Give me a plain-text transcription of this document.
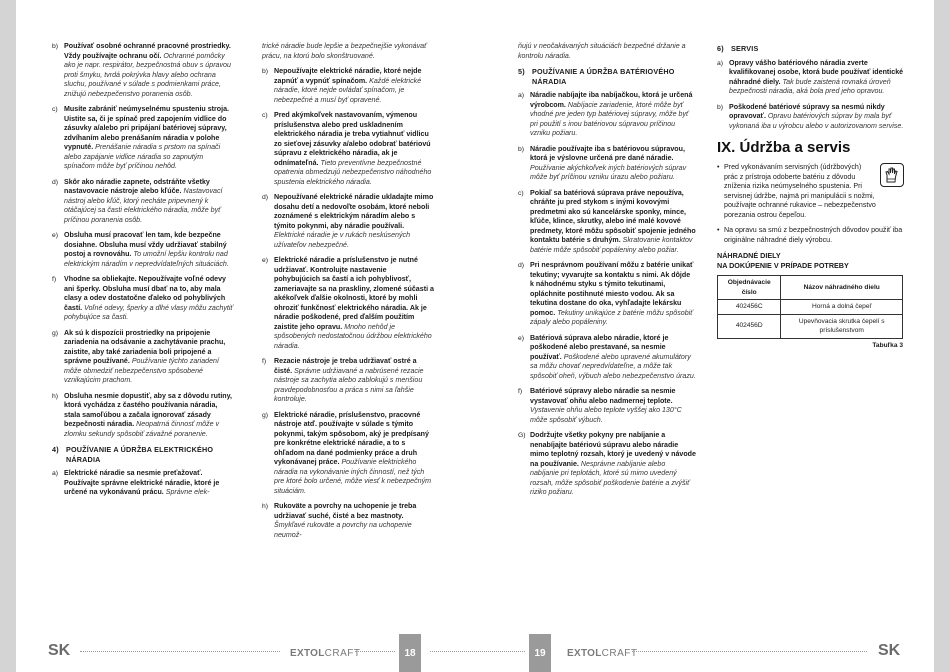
b) Používať osobné ochranné pracovné prostriedky. Vždy používajte ochranu očí. Ochranné pomôcky ako je napr. respirátor, bezpečnostná obuv s úpravou proti šmyku, tvrdá pokrývka hlavy alebo ochrana sluchu, používané v súlade s podmienkami práce, znižujú nebezpečenstvo poranenia osôb.
c) Musíte zabrániť neúmyselnému spusteniu stroja. Uistite sa, či je spínač pred zapojením vidlice do zásuvky a/alebo pri pripájaní batériovej súpravy, zdvíhaním alebo prenášaním náradia v polohe vypnuté. Prenášanie náradia s prstom na spínači alebo zapájanie vidlice náradia so zapnutým spínačom môže byť príčinou nehôd.
d) Skôr ako náradie zapnete, odstráňte všetky nastavovacie nástroje alebo kľúče. Nastavovací nástroj alebo kľúč, ktorý necháte pripevnený k otáčajúcej sa časti elektrického náradia, môže byť príčinou poranenia osôb.
e) Obsluha musí pracovať len tam, kde bezpečne dosiahne. Obsluha musí vždy udržiavať stabilný postoj a rovnováhu. To umožní lepšiu kontrolu nad elektrickým náradím v nepredvídateľných situáciách.
f)	Vhodne sa obliekajte. Nepoužívajte voľné odevy ani šperky. Obsluha musí dbať na to, aby mala clasy a odev dostatočne ďaleko od pohyblivých častí. Voľné odevy, šperky a dlhé vlasy môžu zachytiť pohybujúce sa časti.
g) Ak sú k dispozícii prostriedky na pripojenie zariadenia na odsávanie a zachytávanie prachu, zaistite, aby také zariadenia boli pripojené a správne používané. Používanie týchto zariadení môže obmedziť nebezpečenstvo spôsobené vznikajúcim prachom.
h) Obsluha nesmie dopustiť, aby sa z dôvodu rutiny, ktorá vychádza z častého používania náradia, stala samoľúbou a začala ignorovať zásady bezpečnosti náradia. Neopatrná činnosť môže v zlomku sekundy spôsobiť závažné poranenie.
4)	POUŽÍVANIE A ÚDRŽBA ELEKTRICKÉHO NÁRADIA
a) Elektrické náradie sa nesmie preťažovať. Používajte správne elektrické náradie, ktoré je určené na vykonávanú prácu. Správne elek-
trické náradie bude lepšie a bezpečnejšie vykonávať prácu, na ktorú bolo skonštruované.
b) Nepoužívajte elektrické náradie, ktoré nejde zapnúť a vypnúť spínačom. Každé elektrické náradie, ktoré nejde ovládať spínačom, je nebezpečné a musí byť opravené.
c) Pred akýmkoľvek nastavovaním, výmenou príslušenstva alebo pred uskladnením elektrického náradia je treba vytiahnuť vidlicu zo sieťovej zásuvky a/alebo odobrať batériovú súpravu z elektrického náradia, ak je odnímateľná. Tieto preventívne bezpečnostné opatrenia obmedzujú nebezpečenstvo náhodného spustenia elektrického náradia.
d) Nepoužívané elektrické náradie ukladajte mimo dosahu detí a nedovoľte osobám, ktoré neboli zoznámené s elektrickým náradím alebo s týmito pokynmi, aby náradie používali. Elektrické náradie je v rukách neskúsených užívateľov nebezpečné.
e) Elektrické náradie a príslušenstvo je nutné udržiavať. Kontrolujte nastavenie pohybujúcich sa častí a ich pohyblivosť, zameriavajte sa na praskliny, zlomené súčasti a akékoľvek ďalšie okolnosti, ktoré by mohli ohroziť funkčnosť elektrického náradia. Ak je náradie poškodené, pred ďalším použitím zaistite jeho opravu. Mnoho nehôd je spôsobených nedostatočnou údržbou elektrického náradia.
f)	Rezacie nástroje je treba udržiavať ostré a čisté. Správne udržiavané a nabrúsené rezacie nástroje sa zachytia alebo zablokujú s menšiou pravdepodobnosťou a práca s nimi sa ľahšie kontroluje.
g) Elektrické náradie, príslušenstvo, pracovné nástroje atď. používajte v súlade s týmito pokynmi, takým spôsobom, aký je predpísaný pre konkrétne elektrické náradie, a to s ohľadom na dané podmienky práce a druh vykonávanej práce. Používanie elektrického náradia na vykonávanie iných činností, než tých pre ktoré bolo určené, môže viesť k nebezpečným situáciám.
h) Rukoväte a povrchy na uchopenie je treba udržiavať suché, čisté a bez mastnoty. Šmykľavé rukoväte a povrchy na uchopenie neumož-
ňujú v neočakávaných situáciách bezpečné držanie a kontrolu náradia.
5)	POUŽÍVANIE A ÚDRŽBA BATÉRIOVÉHO NÁRADIA
a) Náradie nabíjajte iba nabíjačkou, ktorá je určená výrobcom. Nabíjacie zariadenie, ktoré môže byť vhodné pre jeden typ batériovej súpravy, môže byť pri použití s inou batériovou súpravou príčinou vzniku požiaru.
b) Náradie používajte iba s batériovou súpravou, ktorá je výslovne určená pre dané náradie. Používanie akýchkoľvek iných batériových súprav môže byť príčinou vzniku úrazu alebo požiaru.
c) Pokiaľ sa batériová súprava práve nepoužíva, chráňte ju pred stykom s inými kovovými predmetmi ako sú kancelárske sponky, mince, kľúče, klince, skrutky, alebo iné malé kovové predmety, ktoré môžu spôsobiť spojenie jedného kontaktu batérie s druhým. Skratovanie kontaktov batérie môže spôsobiť popáleniny alebo požiar.
d) Pri nesprávnom používaní môžu z batérie unikať tekutiny; vyvarujte sa kontaktu s nimi. Ak dôjde k náhodnému styku s týmito tekutinami, opláchnite postihnuté miesto vodou. Ak sa tekutina dostane do oka, vyhľadajte lekársku pomoc. Tekutiny unikajúce z batérie môžu spôsobiť zápaly alebo popáleniny.
e) Batériová súprava alebo náradie, ktoré je poškodené alebo prestavané, sa nesmie používať. Poškodené alebo upravené akumulátory sa môžu chovať nepredvídateľne, a môže tak spôsobiť oheň, výbuch alebo nebezpečenstvo úrazu.
f)	Batériové súpravy alebo náradie sa nesmie vystavovať ohňu alebo nadmernej teplote. Vystavenie ohňu alebo teplote vyššej ako 130°C môže spôsobiť výbuch.
G) Dodržujte všetky pokyny pre nabíjanie a nenabíjajte batériovú súpravu alebo náradie mimo teplotný rozsah, ktorý je uvedený v návode na používanie. Nesprávne nabíjanie alebo nabíjanie pri teplotách, ktoré sú mimo uvedený rozsah, môže spôsobiť poškodenie batérie a zvýšiť riziko požiaru.
6)	SERVIS
a) Opravy vášho batériového náradia zverte kvalifikovanej osobe, ktorá bude používať identické náhradné diely. Tak bude zaistená rovnaká úroveň bezpečnosti náradia, aká bola pred jeho opravou.
b) Poškodené batériové súpravy sa nesmú nikdy opravovať. Opravu batériových súprav by mala byť vykonaná iba u výrobcu alebo v autorizovanom servise.
IX. Údržba a servis
• Pred vykonávaním servisných (údržbových) prác z prístroja odoberte batériu z dôvodu zníženia rizika neúmyselného spustenia. Pri servisnej údržbe, najmä pri manipulácii s nožmi, používajte ochranné rukavice – nebezpečenstvo porezania ostrou čepeľou.
• Na opravu sa smú z bezpečnostných dôvodov použiť iba originálne náhradné diely výrobcu.
NÁHRADNÉ DIELY
NA DOKÚPENIE V PRÍPADE POTREBY
Objednávacie číslo	Názov náhradného dielu
402456C	Horná a dolná čepeľ
402456D	Upevňovacia skrutka čepelí s príslušenstvom
Tabuľka 3
SK	EXTOLCRAFT	18	19	EXTOLCRAFT	SK
